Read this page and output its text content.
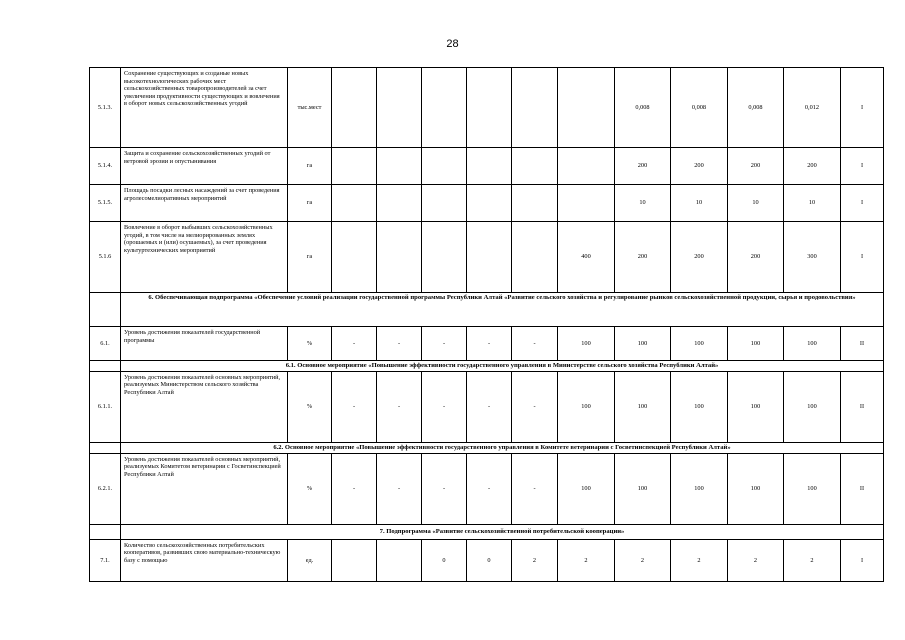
28
5.1.3.	Сохранение существующих и созданые новых высокотехнологических рабочих мест сельскохозяйственных товаропроизводителей за счет увеличения продуктивности существующих и вовлечения в оборот новых сельскохозяйственных угодий	тыс.мест							0,008	0,008	0,008	0,012	I
5.1.4.	Защита и сохранение сельскохозяйственных угодий от ветровой эрозии и опустынивания	га							200	200	200	200	I
5.1.5.	Площадь посадки лесных насаждений за счет проведения агролесомелиоративных мероприятий	га							10	10	10	10	I
5.1.6	Вовлечение в оборот выбывших сельскохозяйственных угодий, в том числе на мелиорированных землях (орошаемых и (или) осушаемых), за счет проведения культуртехнических мероприятий	га						400	200	200	200	300	I
	6. Обеспечивающая подпрограмма «Обеспечение условий реализации государственной программы Республики Алтай «Развитие сельского хозяйства и регулирование рынков сельскохозяйственной продукции, сырья и продовольствия»												
6.1.	Уровень достижения показателей государственной программы	%	-	-	-	-	-	100	100	100	100	100	II
	6.1. Основное мероприятие «Повышение эффективности государственного управления в Министерстве сельского хозяйства Республики Алтай»												
6.1.1.	Уровень достижения показателей основных мероприятий, реализуемых Министерством сельского хозяйства Республики Алтай	%	-	-	-	-	-	100	100	100	100	100	II
	6.2. Основное мероприятие «Повышение эффективности государственного управления в Комитете ветеринарии с Госветинспекцией Республики Алтай»												
6.2.1.	Уровень достижения показателей основных мероприятий, реализуемых Комитетом ветеринарии с Госветинспекцией Республики Алтай	%	-	-	-	-	-	100	100	100	100	100	II
	7. Подпрограмма «Развитие сельскохозяйственной потребительской кооперации»												
7.1.	Количество сельскохозяйственных потребительских кооперативов, развивших свою материально-техническую базу с помощью	ед.			0	0	2	2	2	2	2	2	I
